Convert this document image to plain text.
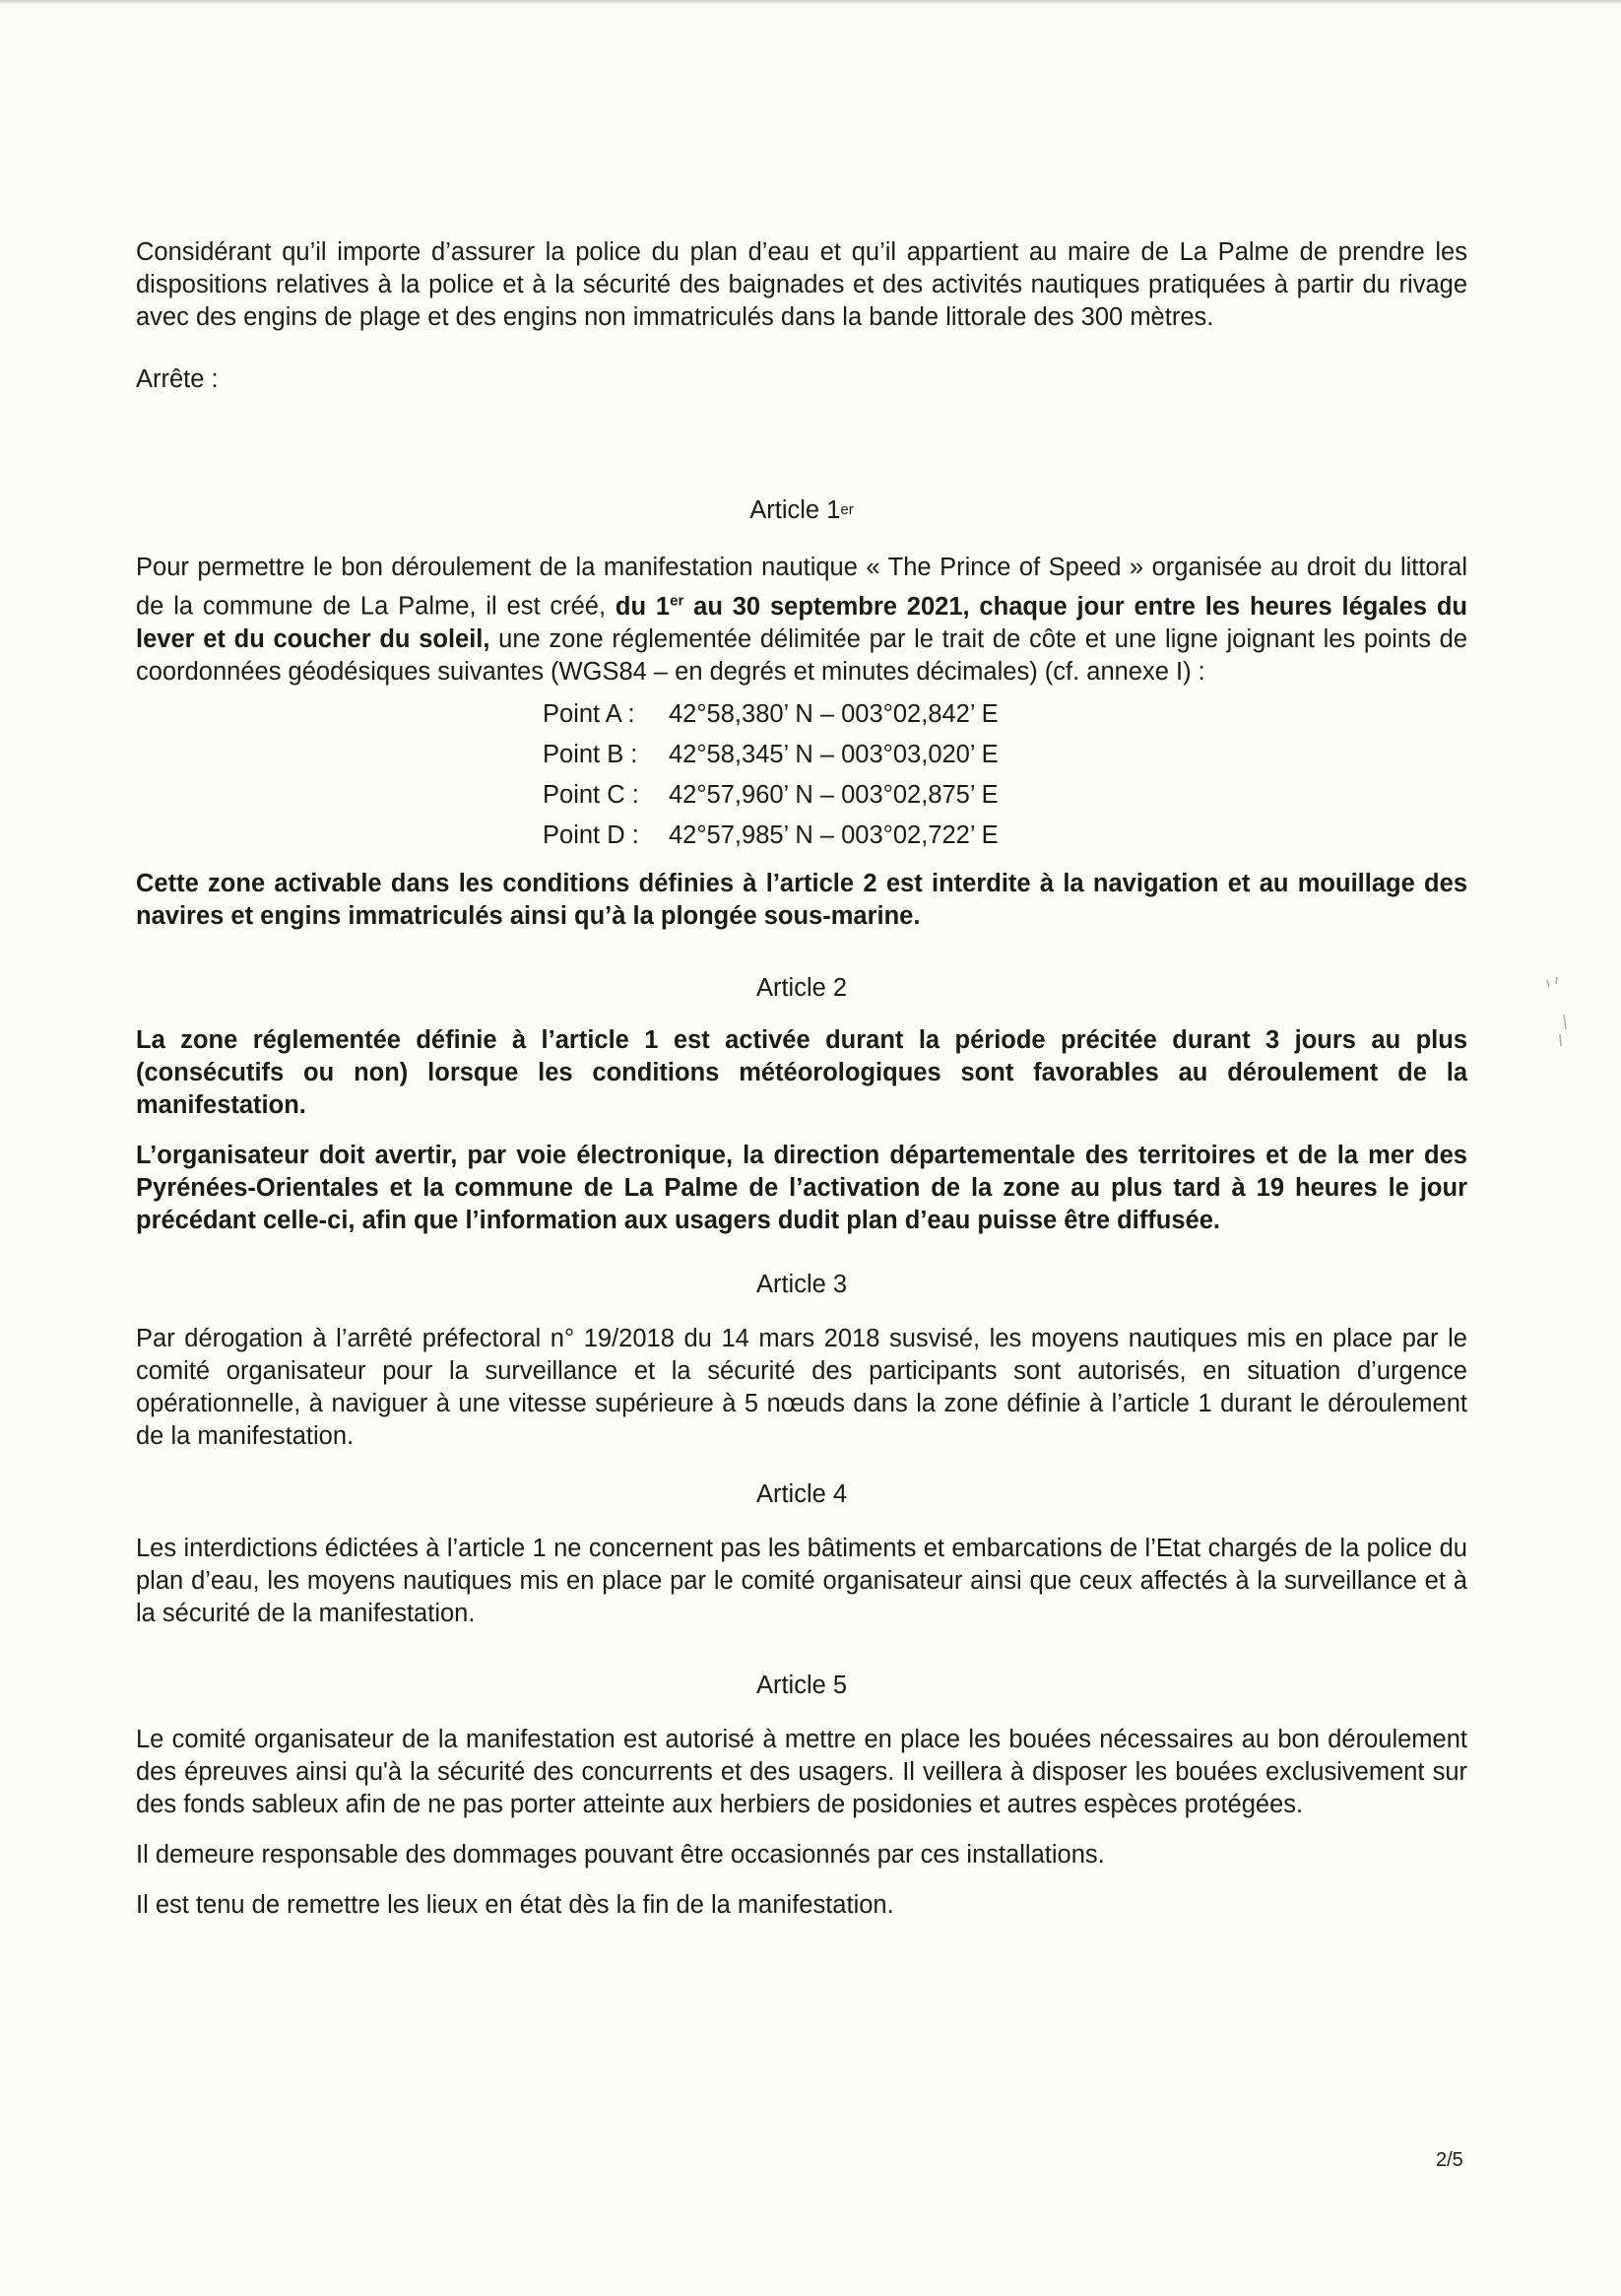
Considérant qu’il importe d’assurer la police du plan d’eau et qu’il appartient au maire de La Palme de prendre les dispositions relatives à la police et à la sécurité des baignades et des activités nautiques pratiquées à partir du rivage avec des engins de plage et des engins non immatriculés dans la bande littorale des 300 mètres.

Arrête :

Article 1er

Pour permettre le bon déroulement de la manifestation nautique « The Prince of Speed » organisée au droit du littoral de la commune de La Palme, il est créé, du 1er au 30 septembre 2021, chaque jour entre les heures légales du lever et du coucher du soleil, une zone réglementée délimitée par le trait de côte et une ligne joignant les points de coordonnées géodésiques suivantes (WGS84 – en degrés et minutes décimales) (cf. annexe I) :

Point A : 42°58,380’ N – 003°02,842’ E
Point B : 42°58,345’ N – 003°03,020’ E
Point C : 42°57,960’ N – 003°02,875’ E
Point D : 42°57,985’ N – 003°02,722’ E

Cette zone activable dans les conditions définies à l’article 2 est interdite à la navigation et au mouillage des navires et engins immatriculés ainsi qu’à la plongée sous-marine.

Article 2

La zone réglementée définie à l’article 1 est activée durant la période précitée durant 3 jours au plus (consécutifs ou non) lorsque les conditions météorologiques sont favorables au déroulement de la manifestation.

L’organisateur doit avertir, par voie électronique, la direction départementale des territoires et de la mer des Pyrénées-Orientales et la commune de La Palme de l’activation de la zone au plus tard à 19 heures le jour précédant celle-ci, afin que l’information aux usagers dudit plan d’eau puisse être diffusée.

Article 3

Par dérogation à l’arrêté préfectoral n° 19/2018 du 14 mars 2018 susvisé, les moyens nautiques mis en place par le comité organisateur pour la surveillance et la sécurité des participants sont autorisés, en situation d’urgence opérationnelle, à naviguer à une vitesse supérieure à 5 nœuds dans la zone définie à l’article 1 durant le déroulement de la manifestation.

Article 4

Les interdictions édictées à l’article 1 ne concernent pas les bâtiments et embarcations de l’Etat chargés de la police du plan d’eau, les moyens nautiques mis en place par le comité organisateur ainsi que ceux affectés à la surveillance et à la sécurité de la manifestation.

Article 5

Le comité organisateur de la manifestation est autorisé à mettre en place les bouées nécessaires au bon déroulement des épreuves ainsi qu'à la sécurité des concurrents et des usagers. Il veillera à disposer les bouées exclusivement sur des fonds sableux afin de ne pas porter atteinte aux herbiers de posidonies et autres espèces protégées.

Il demeure responsable des dommages pouvant être occasionnés par ces installations.

Il est tenu de remettre les lieux en état dès la fin de la manifestation.

2/5
